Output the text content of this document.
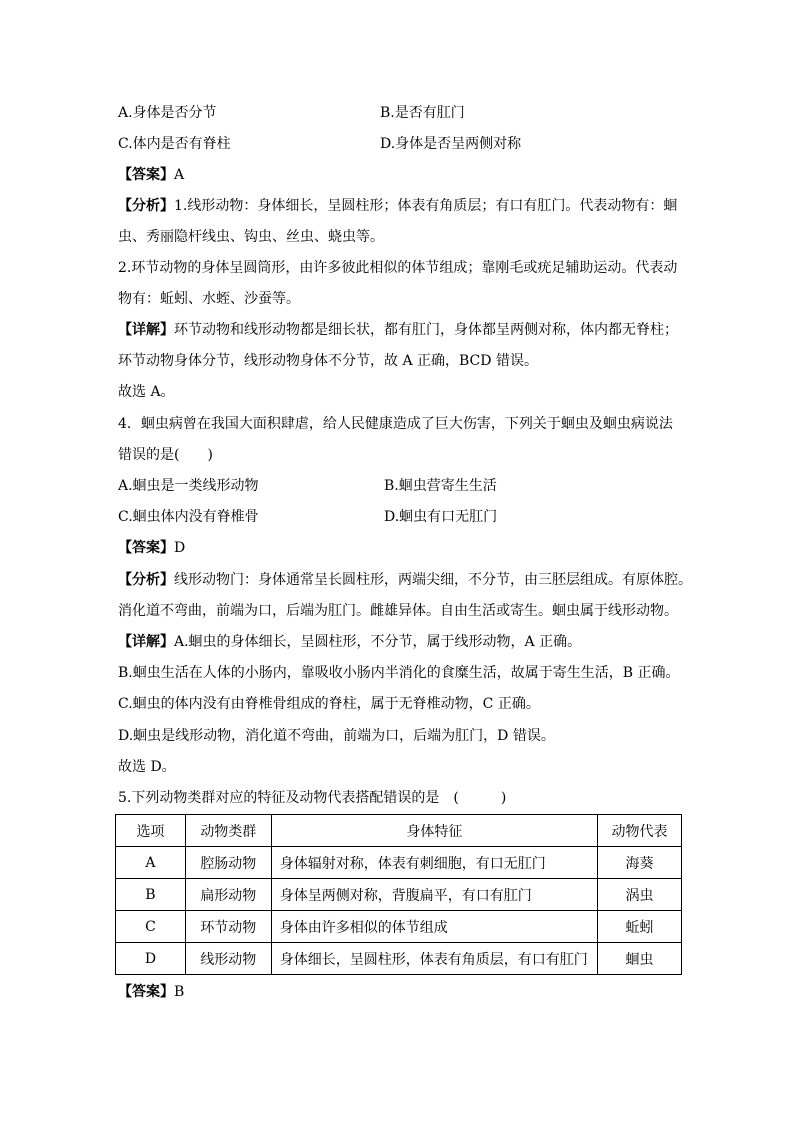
A.身体是否分节	B.是否有肛门
C.体内是否有脊柱	D.身体是否呈两侧对称
【答案】A
【分析】1.线形动物：身体细长，呈圆柱形；体表有角质层；有口有肛门。代表动物有：蛔
虫、秀丽隐杆线虫、钩虫、丝虫、蛲虫等。
2.环节动物的身体呈圆筒形，由许多彼此相似的体节组成；靠刚毛或疣足辅助运动。代表动
物有：蚯蚓、水蛭、沙蚕等。
【详解】环节动物和线形动物都是细长状，都有肛门，身体都呈两侧对称，体内都无脊柱；
环节动物身体分节，线形动物身体不分节，故 A 正确，BCD 错误。
故选 A。
4．蛔虫病曾在我国大面积肆虐，给人民健康造成了巨大伤害，下列关于蛔虫及蛔虫病说法
错误的是(　　)
A.蛔虫是一类线形动物	B.蛔虫营寄生生活
C.蛔虫体内没有脊椎骨	D.蛔虫有口无肛门
【答案】D
【分析】线形动物门：身体通常呈长圆柱形，两端尖细，不分节，由三胚层组成。有原体腔。
消化道不弯曲，前端为口，后端为肛门。雌雄异体。自由生活或寄生。蛔虫属于线形动物。
【详解】A.蛔虫的身体细长，呈圆柱形，不分节，属于线形动物，A 正确。
B.蛔虫生活在人体的小肠内，靠吸收小肠内半消化的食糜生活，故属于寄生生活，B 正确。
C.蛔虫的体内没有由脊椎骨组成的脊柱，属于无脊椎动物，C 正确。
D.蛔虫是线形动物，消化道不弯曲，前端为口，后端为肛门，D 错误。
故选 D。
5.下列动物类群对应的特征及动物代表搭配错误的是　(　　　)
选项	动物类群	身体特征	动物代表
A	腔肠动物	身体辐射对称，体表有刺细胞，有口无肛门	海葵
B	扁形动物	身体呈两侧对称，背腹扁平，有口有肛门	涡虫
C	环节动物	身体由许多相似的体节组成	蚯蚓
D	线形动物	身体细长，呈圆柱形，体表有角质层，有口有肛门	蛔虫
【答案】B
